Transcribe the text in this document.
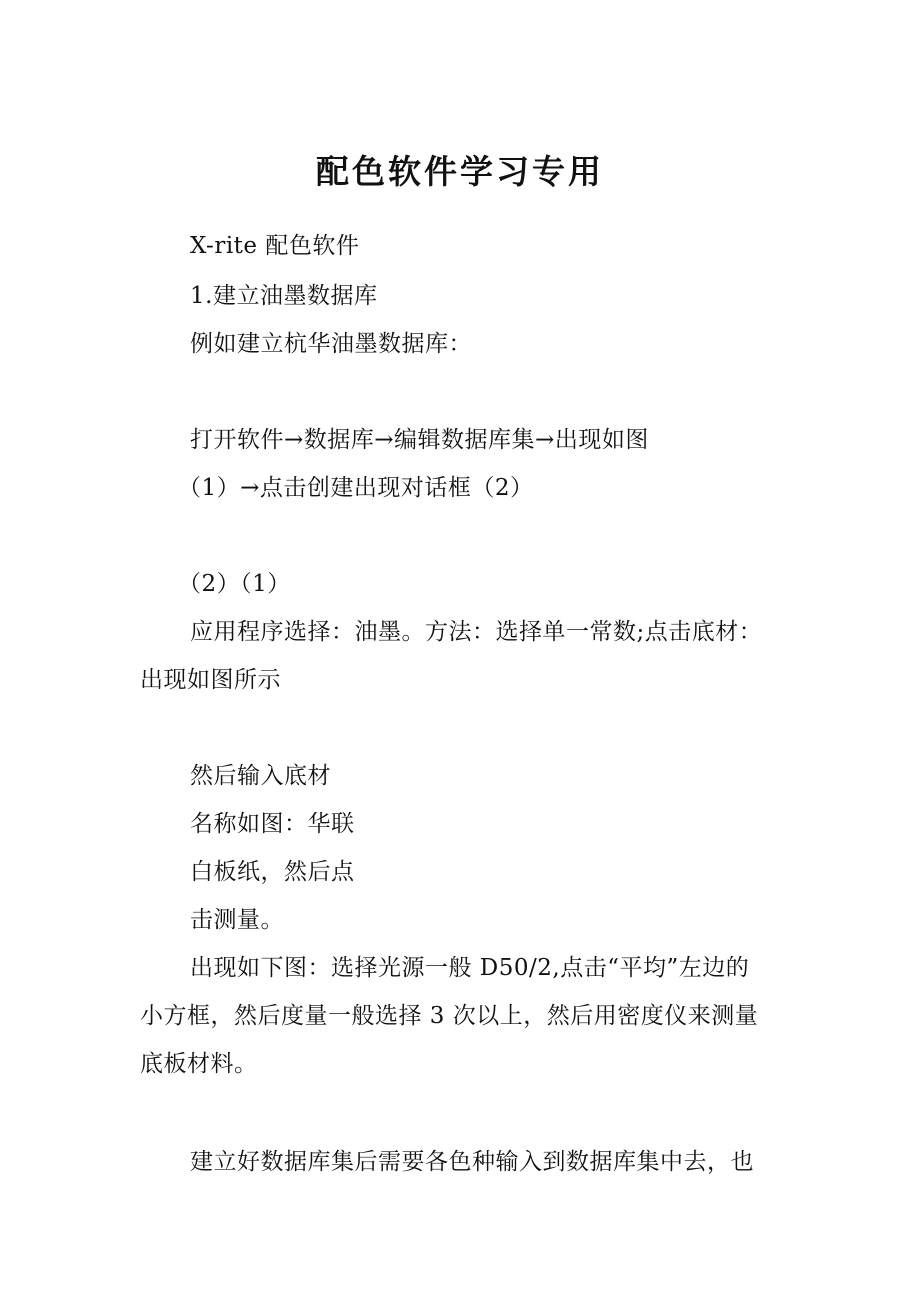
配色软件学习专用
X-rite 配色软件
1.建立油墨数据库
例如建立杭华油墨数据库：
打开软件→数据库→编辑数据库集→出现如图
（1）→点击创建出现对话框（2）
（2）（1）
应用程序选择：油墨。方法：选择单一常数;点击底材：
出现如图所示
然后输入底材
名称如图：华联
白板纸，然后点
击测量。
出现如下图：选择光源一般 D50/2,点击“平均”左边的
小方框，然后度量一般选择 3 次以上，然后用密度仪来测量
底板材料。
建立好数据库集后需要各色种输入到数据库集中去，也
